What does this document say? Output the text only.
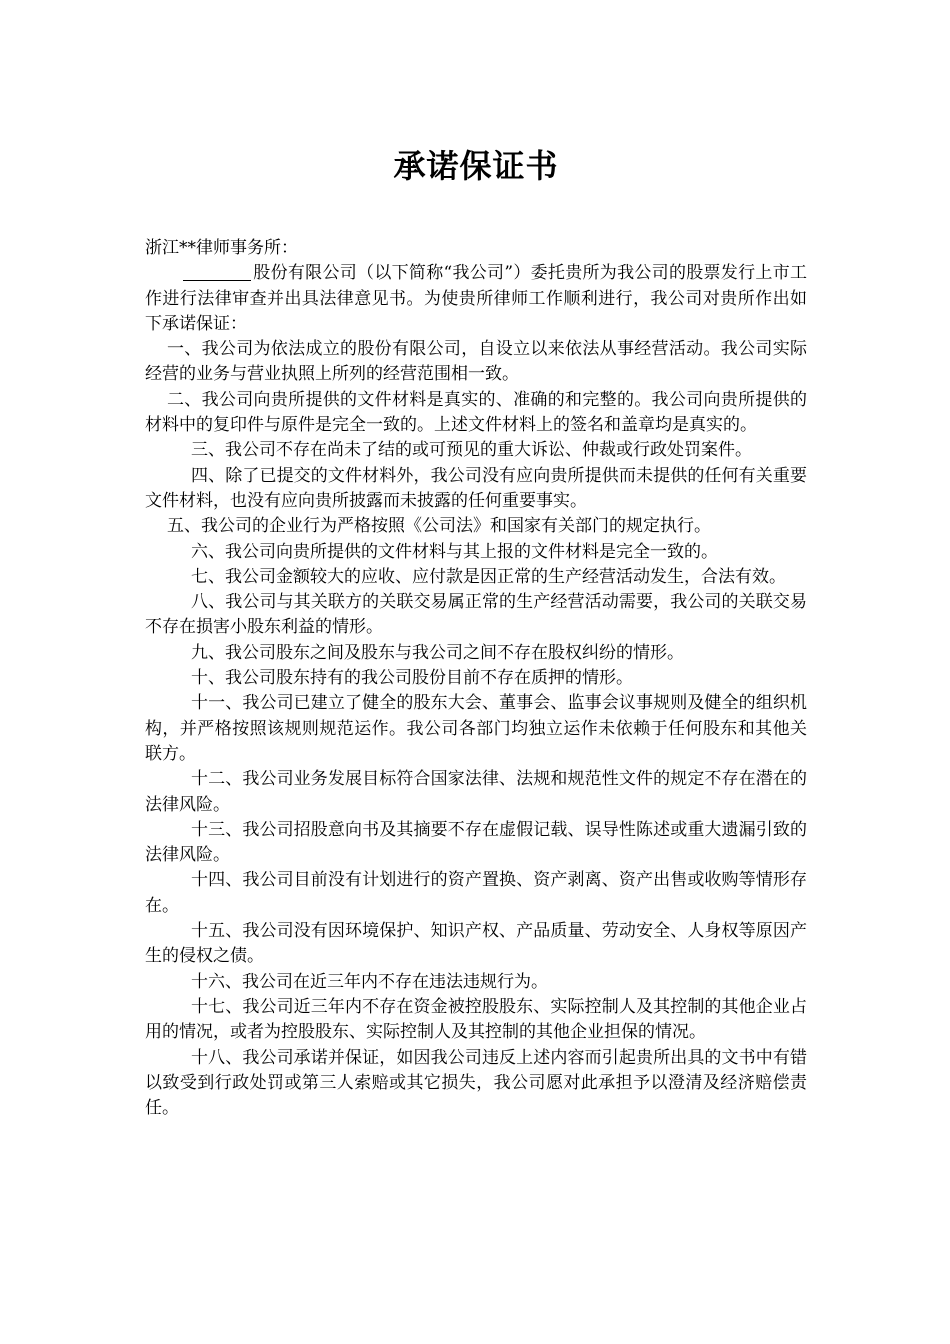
承诺保证书

浙江**律师事务所：

股份有限公司（以下简称“我公司”）委托贵所为我公司的股票发行上市工作进行法律审查并出具法律意见书。为使贵所律师工作顺利进行，我公司对贵所作出如下承诺保证：

一、我公司为依法成立的股份有限公司，自设立以来依法从事经营活动。我公司实际经营的业务与营业执照上所列的经营范围相一致。

二、我公司向贵所提供的文件材料是真实的、准确的和完整的。我公司向贵所提供的材料中的复印件与原件是完全一致的。上述文件材料上的签名和盖章均是真实的。

三、我公司不存在尚未了结的或可预见的重大诉讼、仲裁或行政处罚案件。

四、除了已提交的文件材料外，我公司没有应向贵所提供而未提供的任何有关重要文件材料，也没有应向贵所披露而未披露的任何重要事实。

五、我公司的企业行为严格按照《公司法》和国家有关部门的规定执行。

六、我公司向贵所提供的文件材料与其上报的文件材料是完全一致的。

七、我公司金额较大的应收、应付款是因正常的生产经营活动发生，合法有效。

八、我公司与其关联方的关联交易属正常的生产经营活动需要，我公司的关联交易不存在损害小股东利益的情形。

九、我公司股东之间及股东与我公司之间不存在股权纠纷的情形。

十、我公司股东持有的我公司股份目前不存在质押的情形。

十一、我公司已建立了健全的股东大会、董事会、监事会议事规则及健全的组织机构，并严格按照该规则规范运作。我公司各部门均独立运作未依赖于任何股东和其他关联方。

十二、我公司业务发展目标符合国家法律、法规和规范性文件的规定不存在潜在的法律风险。

十三、我公司招股意向书及其摘要不存在虚假记载、误导性陈述或重大遗漏引致的法律风险。

十四、我公司目前没有计划进行的资产置换、资产剥离、资产出售或收购等情形存在。

十五、我公司没有因环境保护、知识产权、产品质量、劳动安全、人身权等原因产生的侵权之债。

十六、我公司在近三年内不存在违法违规行为。

十七、我公司近三年内不存在资金被控股股东、实际控制人及其控制的其他企业占用的情况，或者为控股股东、实际控制人及其控制的其他企业担保的情况。

十八、我公司承诺并保证，如因我公司违反上述内容而引起贵所出具的文书中有错以致受到行政处罚或第三人索赔或其它损失，我公司愿对此承担予以澄清及经济赔偿责任。
